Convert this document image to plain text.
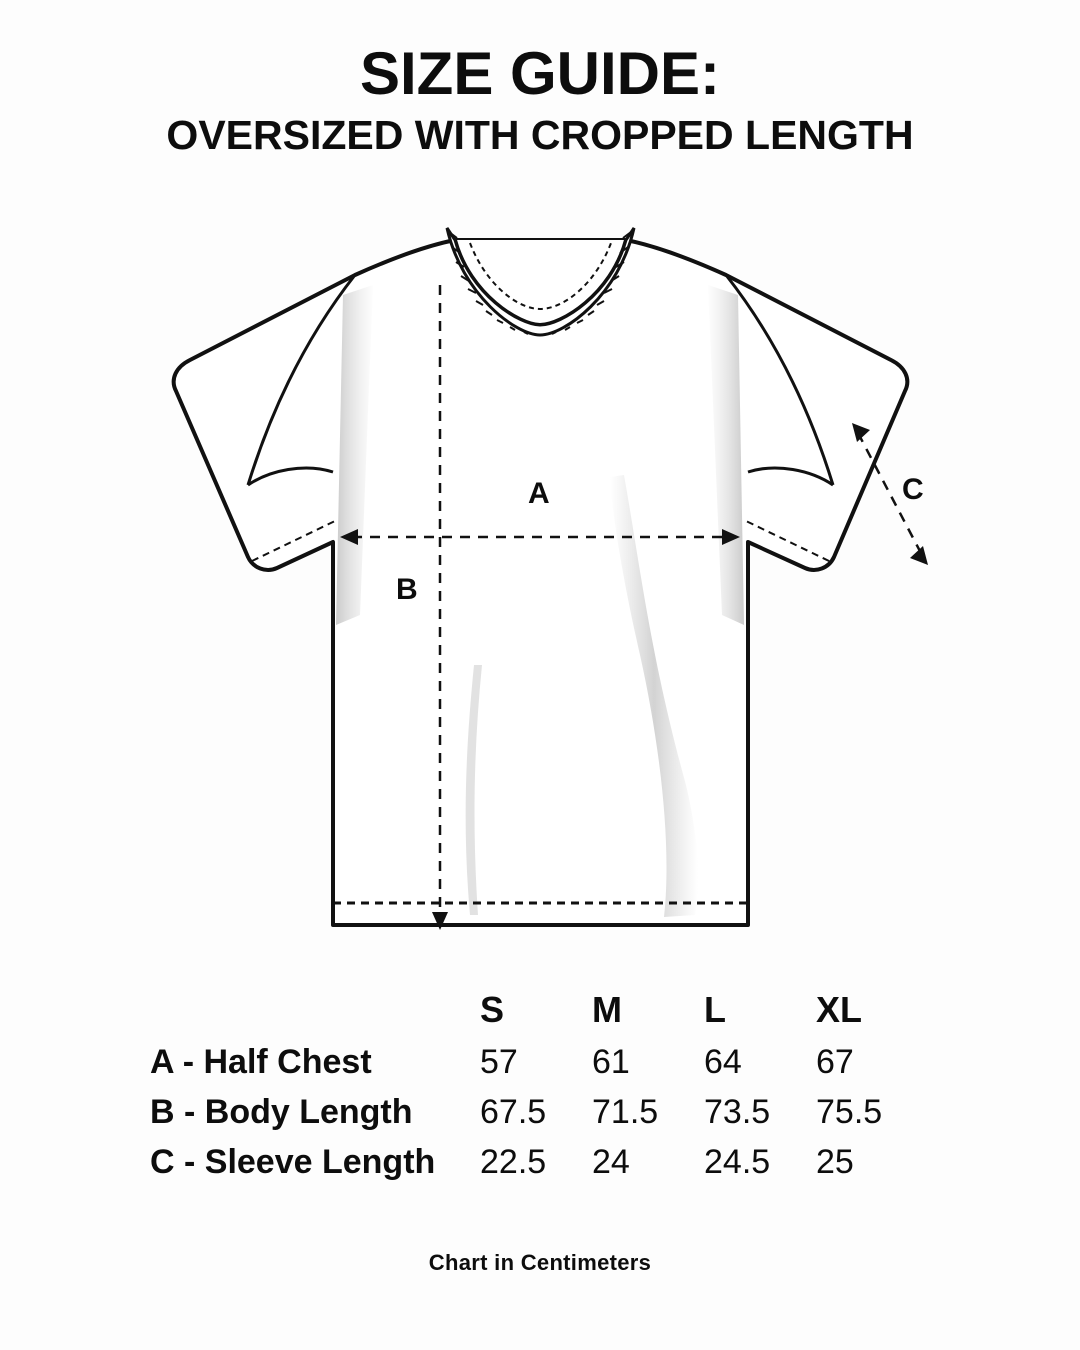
SIZE GUIDE:
OVERSIZED WITH CROPPED LENGTH
A
B
C
	S	M	L	XL
A - Half Chest	57	61	64	67
B - Body Length	67.5	71.5	73.5	75.5
C - Sleeve Length	22.5	24	24.5	25
Chart in Centimeters
